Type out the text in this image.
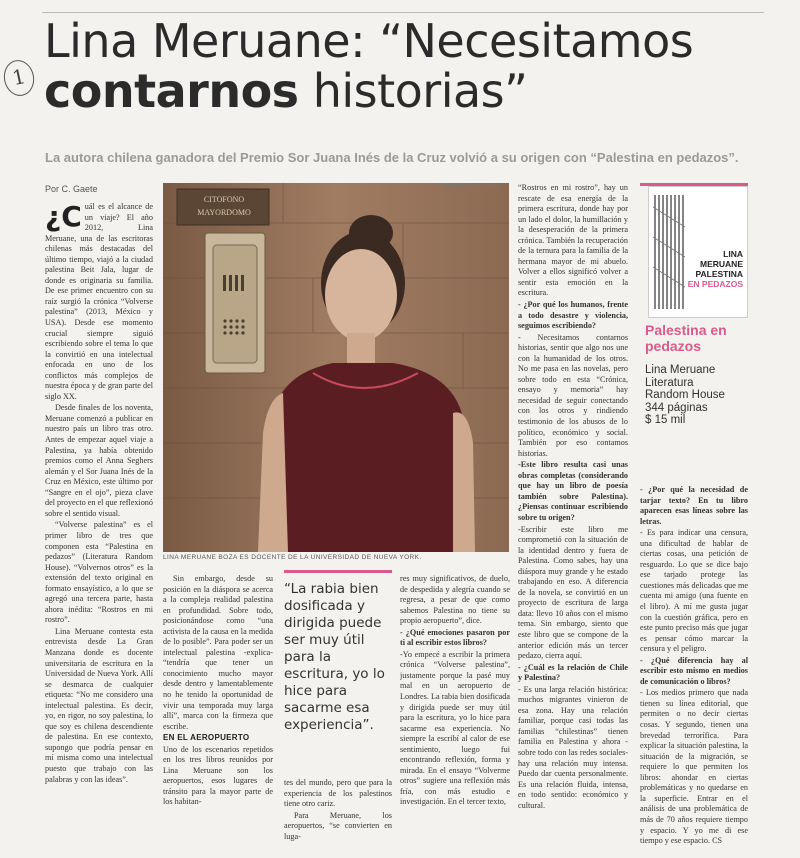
1
Lina Meruane: “Necesitamos
contarnos historias”
La autora chilena ganadora del Premio Sor Juana Inés de la Cruz volvió a su origen con “Palestina en pedazos”.
Por C. Gaete
¿C uál es el alcance de un viaje? El año 2012, Lina Meruane, una de las escritoras chilenas más destacadas del último tiempo, viajó a la ciudad palestina Beit Jala, lugar de donde es originaria su familia. De ese primer encuentro con su raíz surgió la crónica “Volverse palestina” (2013, México y USA). Desde ese momento crucial siempre siguió escribiendo sobre el tema lo que la convirtió en una intelectual enfocada en uno de los conflictos más complejos de nuestra época y de gran parte del siglo XX.

Desde finales de los noventa, Meruane comenzó a publicar en nuestro país un libro tras otro. Antes de empezar aquel viaje a Palestina, ya había obtenido premios como el Anna Seghers alemán y el Sor Juana Inés de la Cruz en México, este último por “Sangre en el ojo”, pieza clave del proyecto en el que reflexionó sobre el sentido visual.

“Volverse palestina” es el primer libro de tres que componen esta “Palestina en pedazos” (Literatura Random House). “Volvernos otros” es la extensión del texto original en formato ensayístico, a lo que se agregó una tercera parte, hasta ahora inédita: “Rostros en mi rostro”.

Lina Meruane contesta esta entrevista desde La Gran Manzana donde es docente universitaria de escritura en la Universidad de Nueva York. Allí se desmarca de cualquier etiqueta: “No me considero una intelectual palestina. Es decir, yo, en rigor, no soy palestina, lo que soy es chilena descendiente de palestina. En ese contexto, supongo que podría pensar en mí misma como una intelectual puesto que trabajo con las palabras y con las ideas”.

CITOFONO
MAYORDOMO
LORENA PALAVECINO
LINA MERUANE BOZA ES DOCENTE DE LA UNIVERSIDAD DE NUEVA YORK.

Sin embargo, desde su posición en la diáspora se acerca a la compleja realidad palestina en profundidad. Sobre todo, posicionándose como “una activista de la causa en la medida de lo posible”. Para poder ser un intelectual palestina -explica- “tendría que tener un conocimiento mucho mayor desde dentro y lamentablemente no he tenido la oportunidad de vivir una temporada muy larga allí”, marca con la firmeza que escribe.

EN EL AEROPUERTO

Uno de los escenarios repetidos en los tres libros reunidos por Lina Meruane son los aeropuertos, esos lugares de tránsito para la mayor parte de los habitan-

“La rabia bien dosificada y dirigida puede ser muy útil para la escritura, yo lo hice para sacarme esa experiencia”.

tes del mundo, pero que para la experiencia de los palestinos tiene otro cariz.

Para Meruane, los aeropuertos, “se convierten en luga-

res muy significativos, de duelo, de despedida y alegría cuando se regresa, a pesar de que como sabemos Palestina no tiene su propio aeropuerto”, dice.

- ¿Qué emociones pasaron por ti al escribir estos libros?

-Yo empecé a escribir la primera crónica “Volverse palestina”, justamente porque la pasé muy mal en un aeropuerto de Londres. La rabia bien dosificada y dirigida puede ser muy útil para la escritura, yo lo hice para sacarme esa experiencia. No siempre la escribí al calor de ese sentimiento, luego fui encontrando reflexión, forma y mirada. En el ensayo “Volverme otros” sugiere una reflexión más fría, con más estudio e investigación. En el tercer texto,

“Rostros en mi rostro”, hay un rescate de esa energía de la primera escritura, donde hay por un lado el dolor, la humillación y la desesperación de la primera crónica. También la recuperación de la ternura para la familia de la hermana mayor de mi abuelo. Volver a ellos significó volver a sentir esta emoción en la escritura.

- ¿Por qué los humanos, frente a todo desastre y violencia, seguimos escribiendo?

- Necesitamos contarnos historias, sentir que algo nos une con la humanidad de los otros. No me pasa en las novelas, pero sobre todo en esta “Crónica, ensayo y memoria” hay necesidad de seguir conectando con los otros y rindiendo testimonio de los abusos de lo político, económico y social. También por eso contamos historias.

-Este libro resulta casi unas obras completas (considerando que hay un libro de poesía también sobre Palestina). ¿Piensas continuar escribiendo sobre tu origen?

-Escribir este libro me comprometió con la situación de la identidad dentro y fuera de Palestina. Como sabes, hay una diáspora muy grande y he estado trabajando en eso. A diferencia de la novela, se convirtió en un proyecto de escritura de larga data: llevo 10 años con el mismo tema. Sin embargo, siento que este libro que se compone de la anterior edición más un tercer pedazo, cierra aquí.

- ¿Cuál es la relación de Chile y Palestina?

- Es una larga relación histórica: muchos migrantes vinieron de esa zona. Hay una relación familiar, porque casi todas las familias “chilestinas” tienen familia en Palestina y ahora -sobre todo con las redes sociales- hay una relación muy intensa. Puedo dar cuenta personalmente. Es una relación fluida, intensa, en todo sentido: económico y cultural.

LINA
MERUANE
PALESTINA
EN PEDAZOS
Palestina en pedazos
Lina Meruane
Literatura
Random House
344 páginas
$ 15 mil

- ¿Por qué la necesidad de tarjar texto? En tu libro aparecen esas líneas sobre las letras.

- Es para indicar una censura, una dificultad de hablar de ciertas cosas, una petición de resguardo. Lo que se dice bajo ese tarjado protege las cuestiones más delicadas que me cuenta mi amigo (una fuente en el libro). A mí me gusta jugar con la cuestión gráfica, pero en este punto preciso más que jugar es pensar cómo marcar la censura y el peligro.

- ¿Qué diferencia hay al escribir esto mismo en medios de comunicación o libros?

- Los medios primero que nada tienen su línea editorial, que permiten o no decir ciertas cosas. Y segundo, tienen una brevedad terrorífica. Para explicar la situación palestina, la situación de la migración, se requiere lo que permiten los libros: ahondar en ciertas problemáticas y no quedarse en la superficie. Entrar en el análisis de una problemática de más de 70 años requiere tiempo y espacio. Y yo me di ese tiempo y ese espacio. CS
